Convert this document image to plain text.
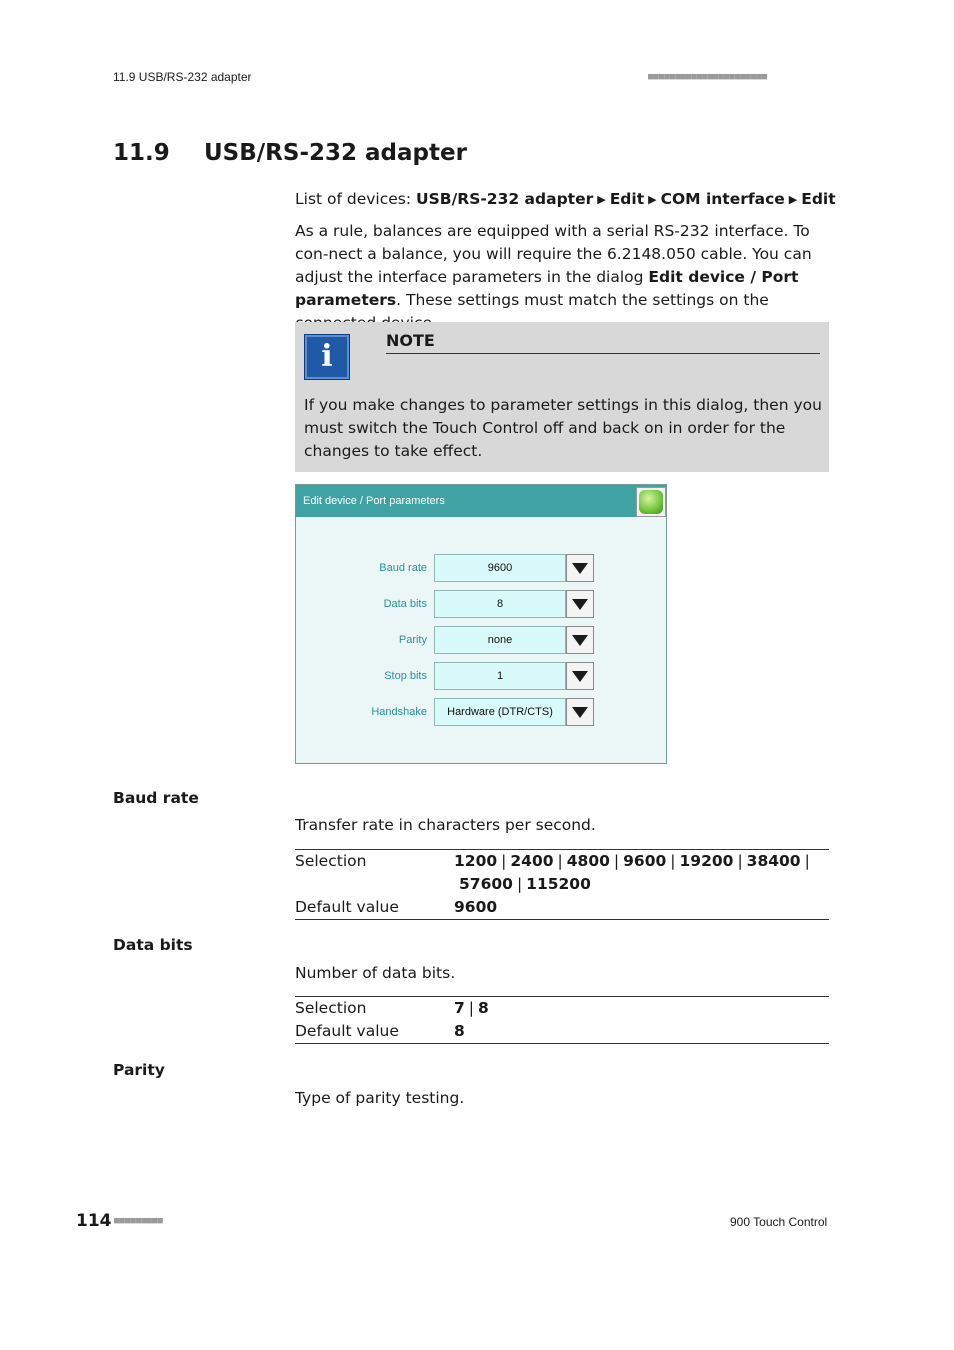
11.9 USB/RS-232 adapter	■■■■■■■■■■■■■■■■■■■■■■
11.9 USB/RS-232 adapter
List of devices: USB/RS-232 adapter ▶ Edit ▶ COM interface ▶ Edit
As a rule, balances are equipped with a serial RS-232 interface. To con-nect a balance, you will require the 6.2148.050 cable. You can adjust the interface parameters in the dialog Edit device / Port parameters. These settings must match the settings on the
i	NOTE
If you make changes to parameter settings in this dialog, then you must switch the Touch Control off and back on in order for the changes to take effect.
Edit device / Port parameters
Baud rate	9600
Data bits	8
Parity	none
Stop bits	1
Handshake	Hardware (DTR/CTS)
Baud rate
Transfer rate in characters per second.
Selection	1200 | 2400 | 4800 | 9600 | 19200 | 38400 |
57600 | 115200
Default value	9600
Data bits
Number of data bits.
Selection	7 | 8
Default value	8
Parity
Type of parity testing.
114 ■■■■■■■■■	900 Touch Control
